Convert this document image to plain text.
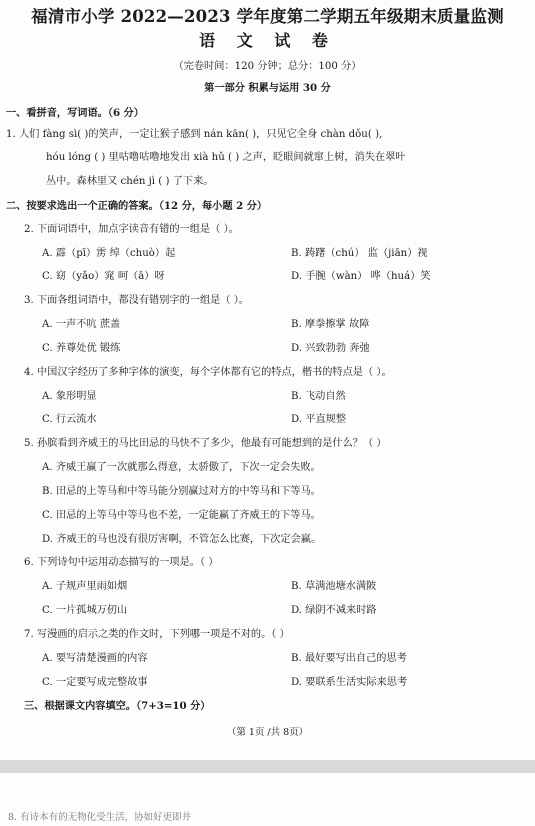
福清市小学 2022—2023 学年度第二学期五年级期末质量监测
语 文 试 卷
（完卷时间：120 分钟；总分：100 分）
第一部分 积累与运用 30 分
一、看拼音，写词语。（6 分）
1. 人们 fàng sì( )的笑声，一定让猴子感到 nán kān( )，只见它全身 chàn dǒu( ),
hóu lóng ( ) 里咕噜咕噜地发出 xià hǔ ( ) 之声，眨眼间就窜上树，消失在翠叶
丛中。森林里又 chén jì ( ) 了下来。
二、按要求选出一个正确的答案。（12 分，每小题 2 分）
2. 下面词语中，加点字读音有错的一组是（ ）。
A. 霹（pī）雳 绰（chuò）起	B. 踌躇（chú） 监（jiān）视
C. 窈（yǎo）窕 呵（ā）呀	D. 手腕（wàn） 哗（huá）笑
3. 下面各组词语中，都没有错别字的一组是（ ）。
A. 一声不吭 蔗盖	B. 摩拳擦掌 故障
C. 养尊处优 锻练	D. 兴致勃勃 奔弛
4. 中国汉字经历了多种字体的演变，每个字体都有它的特点，楷书的特点是（ ）。
A. 象形明显	B. 飞动自然
C. 行云流水	D. 平直规整
5. 孙膑看到齐威王的马比田忌的马快不了多少，他最有可能想到的是什么？（ ）
A. 齐威王赢了一次就那么得意，太骄傲了，下次一定会失败。
B. 田忌的上等马和中等马能分别赢过对方的中等马和下等马。
C. 田忌的上等马中等马也不差，一定能赢了齐威王的下等马。
D. 齐威王的马也没有很厉害啊，不管怎么比赛，下次定会赢。
6. 下列诗句中运用动态描写的一项是。（ ）
A. 子规声里雨如烟	B. 草满池塘水满陂
C. 一片孤城万仞山	D. 绿阴不减来时路
7. 写漫画的启示之类的作文时，下列哪一项是不对的。（ ）
A. 要写清楚漫画的内容	B. 最好要写出自己的思考
C. 一定要写成完整故事	D. 要联系生活实际来思考
三、根据课文内容填空。（7+3=10 分）
（第 1页 /共 8页）
8. 有诗本有的无物化受生活，协如好更即井
